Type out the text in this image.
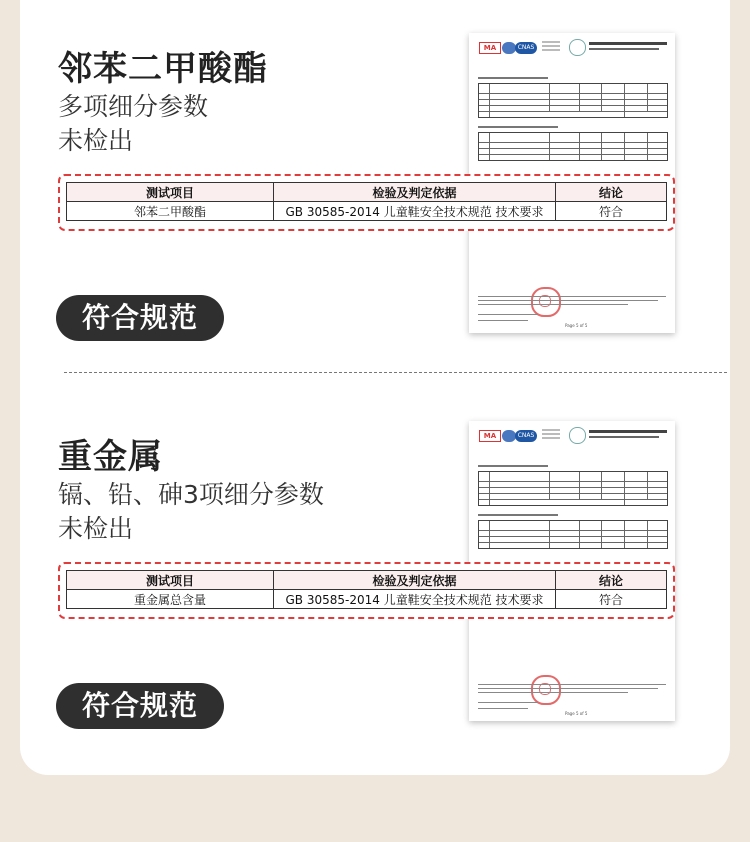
邻苯二甲酸酯
多项细分参数
未检出
MA	CNAS
Page 5 of 5
测试项目	检验及判定依据	结论
邻苯二甲酸酯	GB 30585-2014 儿童鞋安全技术规范 技术要求	符合
符合规范
重金属
镉、铅、砷3项细分参数
未检出
MA	CNAS
Page 5 of 5
测试项目	检验及判定依据	结论
重金属总含量	GB 30585-2014 儿童鞋安全技术规范 技术要求	符合
符合规范
